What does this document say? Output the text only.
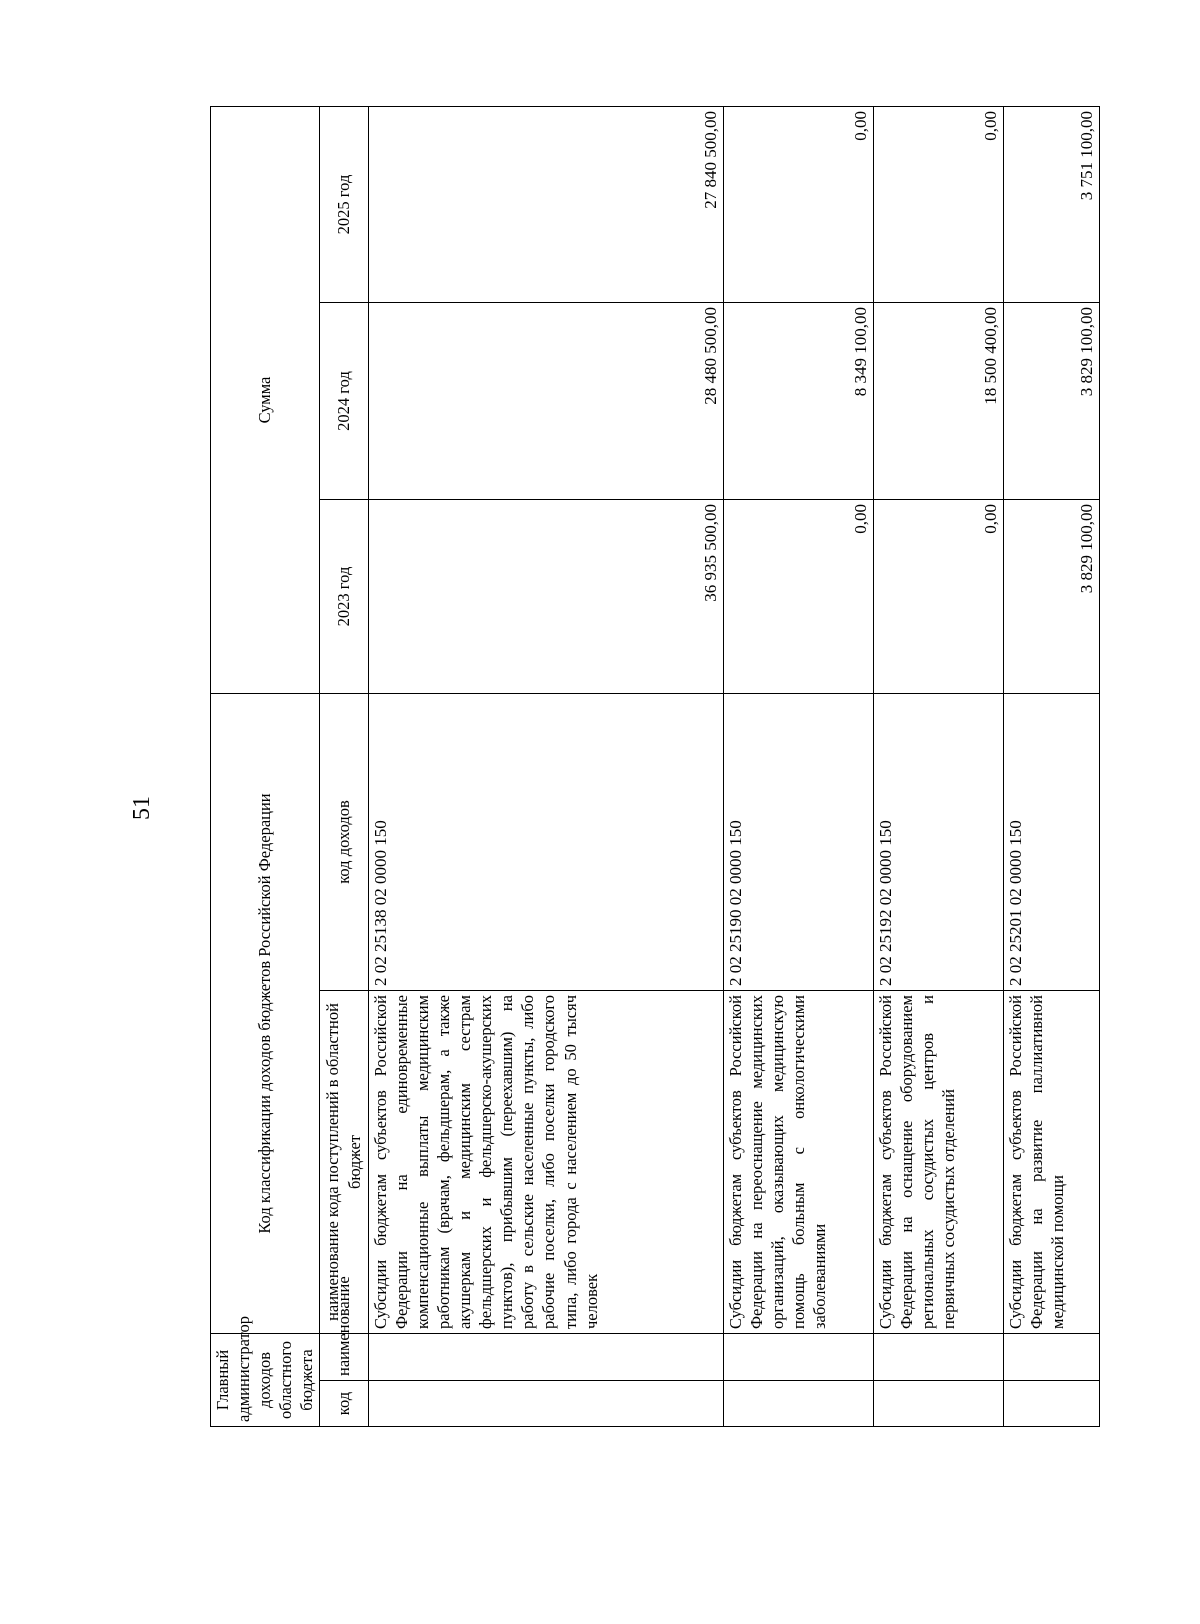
51
Главный администратор доходов областного бюджета		Код классификации доходов бюджетов Российской Федерации		Сумма		
код	наименование	наименование кода поступлений в областной бюджет	код доходов	2023 год	2024 год	2025 год
		Субсидии бюджетам субъектов Российской Федерации на единовременные компенсационные выплаты медицинским работникам (врачам, фельдшерам, а также акушеркам и медицинским сестрам фельдшерских и фельдшерско-акушерских пунктов), прибывшим (переехавшим) на работу в сельские населенные пункты, либо рабочие поселки, либо поселки городского типа, либо города с населением до 50 тысяч человек	2 02 25138 02 0000 150	36 935 500,00	28 480 500,00	27 840 500,00
		Субсидии бюджетам субъектов Российской Федерации на переоснащение медицинских организаций, оказывающих медицинскую помощь больным с онкологическими заболеваниями	2 02 25190 02 0000 150	0,00	8 349 100,00	0,00
		Субсидии бюджетам субъектов Российской Федерации на оснащение оборудованием региональных сосудистых центров и первичных сосудистых отделений	2 02 25192 02 0000 150	0,00	18 500 400,00	0,00
		Субсидии бюджетам субъектов Российской Федерации на развитие паллиативной медицинской помощи	2 02 25201 02 0000 150	3 829 100,00	3 829 100,00	3 751 100,00
